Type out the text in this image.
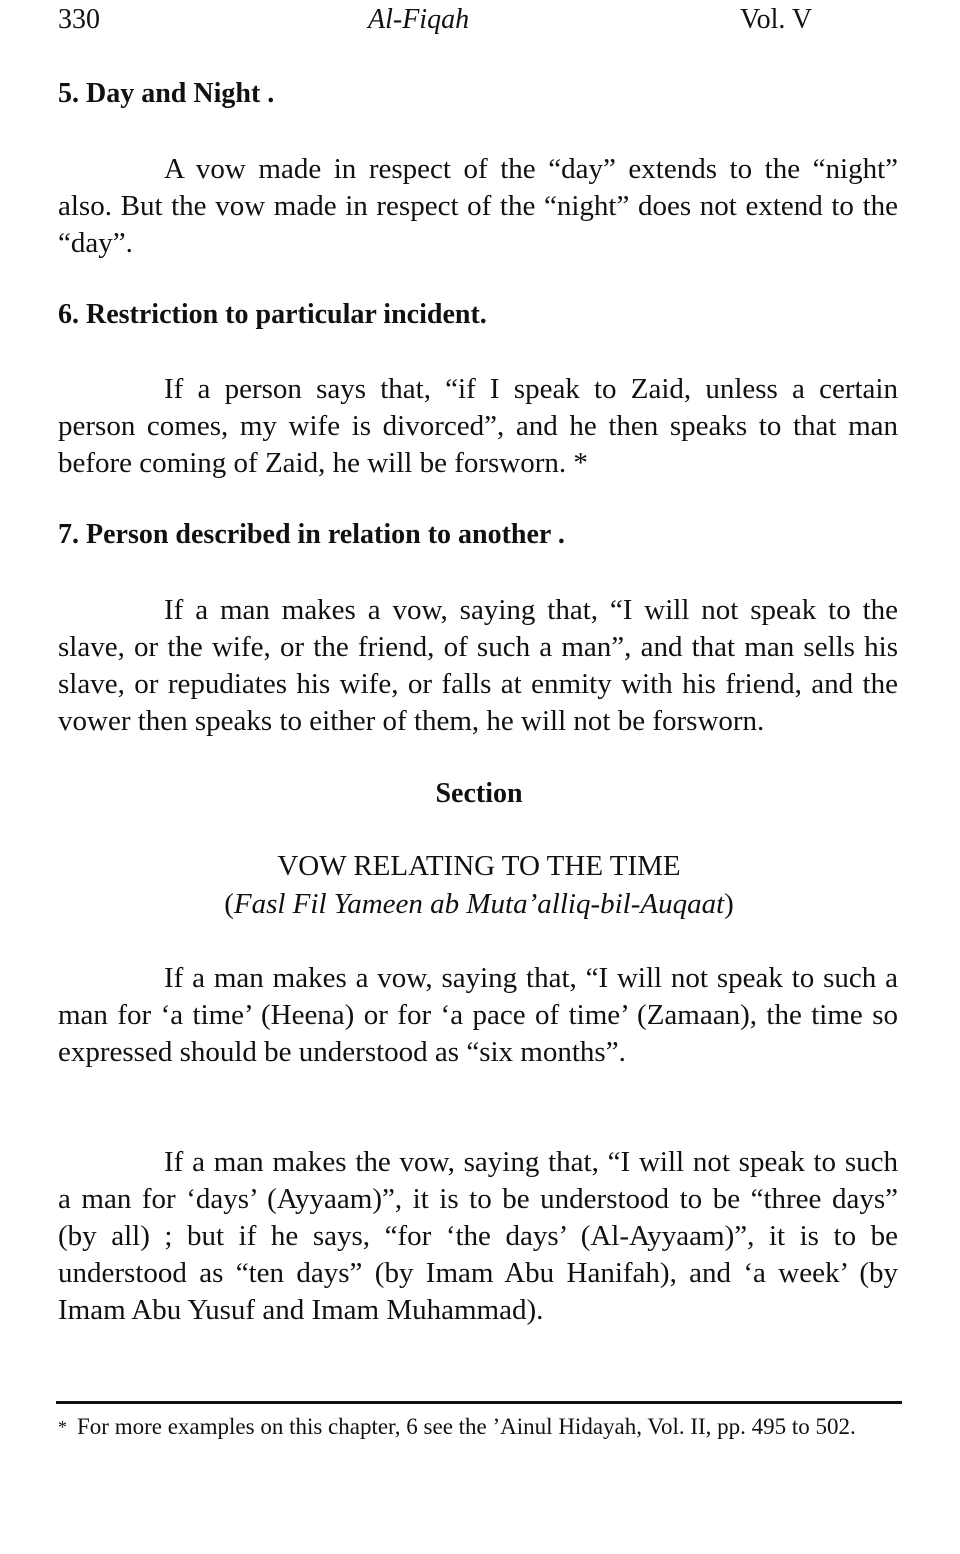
330	Al-Fiqah	Vol. V
5. Day and Night .
A vow made in respect of the “day” extends to the “night” also. But the vow made in respect of the “night” does not extend to the “day”.
6. Restriction to particular incident.
If a person says that, “if I speak to Zaid, unless a certain person comes, my wife is divorced”, and he then speaks to that man before coming of Zaid, he will be forsworn. *
7. Person described in relation to another .
If a man makes a vow, saying that, “I will not speak to the slave, or the wife, or the friend, of such a man”, and that man sells his slave, or repudiates his wife, or falls at enmity with his friend, and the vower then speaks to either of them, he will not be forsworn.
Section
VOW RELATING TO THE TIME
(Fasl Fil Yameen ab Muta’alliq-bil-Auqaat)
If a man makes a vow, saying that, “I will not speak to such a man for ‘a time’ (Heena) or for ‘a pace of time’ (Zamaan), the time so expressed should be understood as “six months”.
If a man makes the vow, saying that, “I will not speak to such a man for ‘days’ (Ayyaam)”, it is to be understood to be “three days” (by all) ; but if he says, “for ‘the days’ (Al-Ayyaam)”, it is to be understood as “ten days” (by Imam Abu Hanifah), and ‘a week’ (by Imam Abu Yusuf and Imam Muhammad).
* For more examples on this chapter, 6 see the ’Ainul Hidayah, Vol. II, pp. 495 to 502.
